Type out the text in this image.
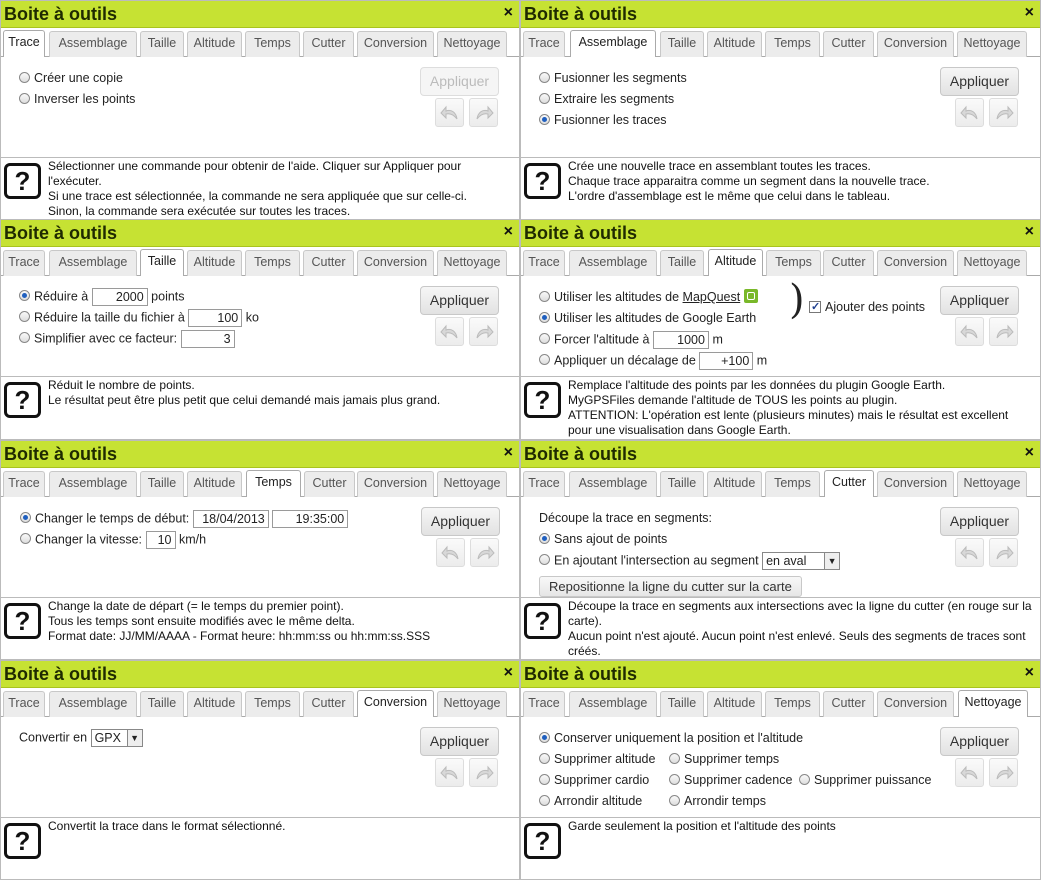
Boite à outils	×
Trace	Assemblage	Taille	Altitude	Temps	Cutter	Conversion	Nettoyage
Créer une copie
Inverser les points
Appliquer
?	Sélectionner une commande pour obtenir de l'aide. Cliquer sur Appliquer pour l'exécuter.
Si une trace est sélectionnée, la commande ne sera appliquée que sur celle-ci.
Sinon, la commande sera exécutée sur toutes les traces.
Boite à outils	×
Trace	Assemblage	Taille	Altitude	Temps	Cutter	Conversion	Nettoyage
Fusionner les segments
Extraire les segments
Fusionner les traces
Appliquer
?	Crée une nouvelle trace en assemblant toutes les traces.
Chaque trace apparaitra comme un segment dans la nouvelle trace.
L'ordre d'assemblage est le même que celui dans le tableau.
Boite à outils	×
Trace	Assemblage	Taille	Altitude	Temps	Cutter	Conversion	Nettoyage
Réduire à 2000 points
Réduire la taille du fichier à	100 ko
Simplifier avec ce facteur:	3
Appliquer
?	Réduit le nombre de points.
Le résultat peut être plus petit que celui demandé mais jamais plus grand.
Boite à outils	×
Trace	Assemblage	Taille	Altitude	Temps	Cutter	Conversion	Nettoyage
Utiliser les altitudes de MapQuest
Utiliser les altitudes de Google Earth
Forcer l'altitude à 1000 m
Appliquer un décalage de +100 m
)
✓	Ajouter des points	Appliquer
?	Remplace l'altitude des points par les données du plugin Google Earth.
MyGPSFiles demande l'altitude de TOUS les points au plugin.
ATTENTION: L'opération est lente (plusieurs minutes) mais le résultat est excellent pour une visualisation dans Google Earth.
Boite à outils	×
Trace	Assemblage	Taille	Altitude	Temps	Cutter	Conversion	Nettoyage
Changer le temps de début: 18/04/2013 19:35:00
Changer la vitesse: 10 km/h
Appliquer
?	Change la date de départ (= le temps du premier point).
Tous les temps sont ensuite modifiés avec le même delta.
Format date: JJ/MM/AAAA - Format heure: hh:mm:ss ou hh:mm:ss.SSS
Boite à outils	×
Trace	Assemblage	Taille	Altitude	Temps	Cutter	Conversion	Nettoyage
Découpe la trace en segments:
Sans ajout de points
En ajoutant l'intersection au segment en aval	▼
Repositionne la ligne du cutter sur la carte
Appliquer
?	Découpe la trace en segments aux intersections avec la ligne du cutter (en rouge sur la carte).
Aucun point n'est ajouté. Aucun point n'est enlevé. Seuls des segments de traces sont créés.
Boite à outils	×
Trace	Assemblage	Taille	Altitude	Temps	Cutter	Conversion	Nettoyage
Convertir en GPX	▼	Appliquer
?	Convertit la trace dans le format sélectionné.
Boite à outils	×
Trace	Assemblage	Taille	Altitude	Temps	Cutter	Conversion	Nettoyage
Conserver uniquement la position et l'altitude
Supprimer altitude	Supprimer temps
Supprimer cardio	Supprimer cadence	Supprimer puissance
Arrondir altitude	Arrondir temps
Appliquer
?	Garde seulement la position et l'altitude des points
